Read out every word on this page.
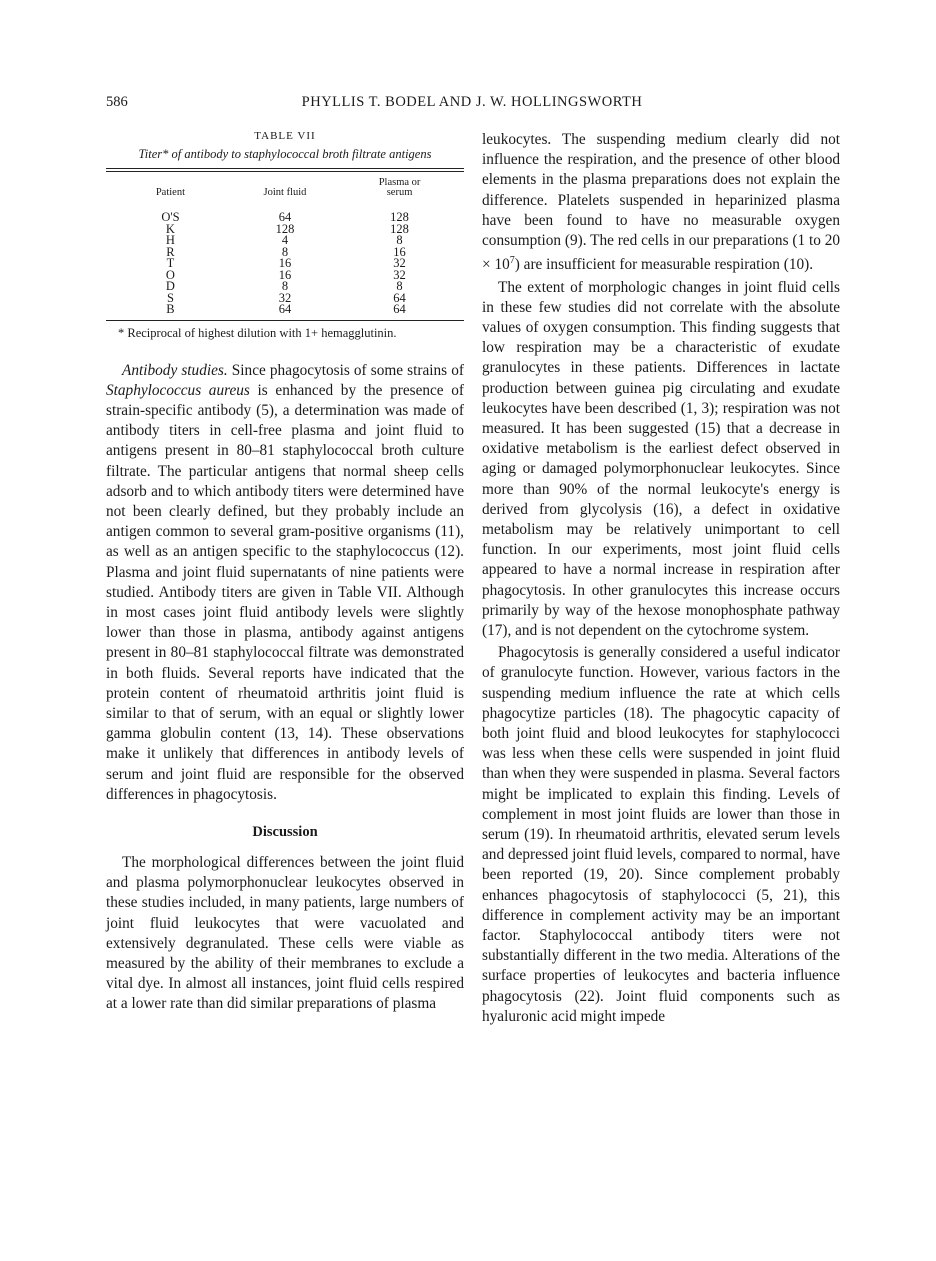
586	PHYLLIS T. BODEL AND J. W. HOLLINGSWORTH
TABLE VII
Titer* of antibody to staphylococcal broth filtrate antigens
Patient	Joint fluid	Plasma or
serum
O'S	64	128
K	128	128
H	4	8
R	8	16
T	16	32
O	16	32
D	8	8
S	32	64
B	64	64
* Reciprocal of highest dilution with 1+ hemagglutinin.

Antibody studies. Since phagocytosis of some strains of Staphylococcus aureus is enhanced by the presence of strain-specific antibody (5), a determination was made of antibody titers in cell-free plasma and joint fluid to antigens present in 80–81 staphylococcal broth culture filtrate. The particular antigens that normal sheep cells adsorb and to which antibody titers were determined have not been clearly defined, but they probably include an antigen common to several gram-positive organisms (11), as well as an antigen specific to the staphylococcus (12). Plasma and joint fluid supernatants of nine patients were studied. Antibody titers are given in Table VII. Although in most cases joint fluid antibody levels were slightly lower than those in plasma, antibody against antigens present in 80–81 staphylococcal filtrate was demonstrated in both fluids. Several reports have indicated that the protein content of rheumatoid arthritis joint fluid is similar to that of serum, with an equal or slightly lower gamma globulin content (13, 14). These observations make it unlikely that differences in antibody levels of serum and joint fluid are responsible for the observed differences in phagocytosis.

Discussion

The morphological differences between the joint fluid and plasma polymorphonuclear leukocytes observed in these studies included, in many patients, large numbers of joint fluid leukocytes that were vacuolated and extensively degranulated. These cells were viable as measured by the ability of their membranes to exclude a vital dye. In almost all instances, joint fluid cells respired at a lower rate than did similar preparations of plasma

leukocytes. The suspending medium clearly did not influence the respiration, and the presence of other blood elements in the plasma preparations does not explain the difference. Platelets suspended in heparinized plasma have been found to have no measurable oxygen consumption (9). The red cells in our preparations (1 to $20 \times 10^7$) are insufficient for measurable respiration (10).

The extent of morphologic changes in joint fluid cells in these few studies did not correlate with the absolute values of oxygen consumption. This finding suggests that low respiration may be a characteristic of exudate granulocytes in these patients. Differences in lactate production between guinea pig circulating and exudate leukocytes have been described (1, 3); respiration was not measured. It has been suggested (15) that a decrease in oxidative metabolism is the earliest defect observed in aging or damaged polymorphonuclear leukocytes. Since more than 90% of the normal leukocyte's energy is derived from glycolysis (16), a defect in oxidative metabolism may be relatively unimportant to cell function. In our experiments, most joint fluid cells appeared to have a normal increase in respiration after phagocytosis. In other granulocytes this increase occurs primarily by way of the hexose monophosphate pathway (17), and is not dependent on the cytochrome system.

Phagocytosis is generally considered a useful indicator of granulocyte function. However, various factors in the suspending medium influence the rate at which cells phagocytize particles (18). The phagocytic capacity of both joint fluid and blood leukocytes for staphylococci was less when these cells were suspended in joint fluid than when they were suspended in plasma. Several factors might be implicated to explain this finding. Levels of complement in most joint fluids are lower than those in serum (19). In rheumatoid arthritis, elevated serum levels and depressed joint fluid levels, compared to normal, have been reported (19, 20). Since complement probably enhances phagocytosis of staphylococci (5, 21), this difference in complement activity may be an important factor. Staphylococcal antibody titers were not substantially different in the two media. Alterations of the surface properties of leukocytes and bacteria influence phagocytosis (22). Joint fluid components such as hyaluronic acid might impede
